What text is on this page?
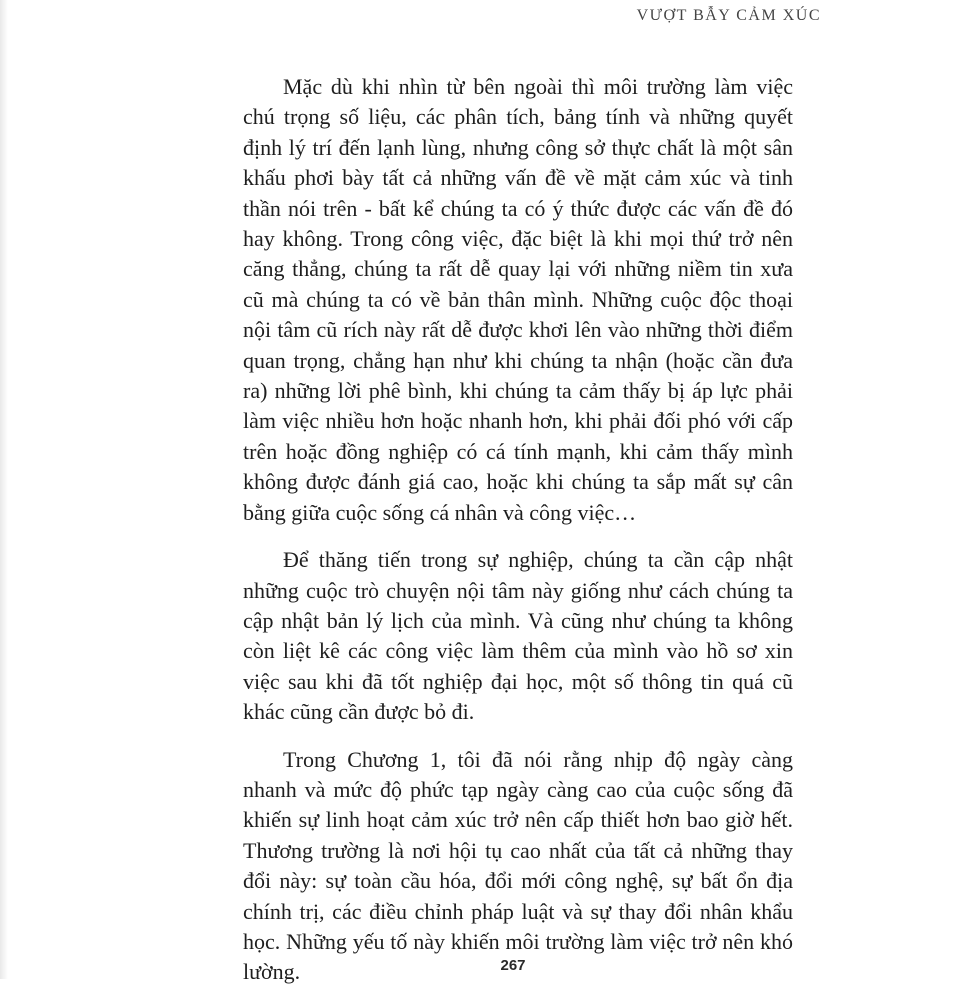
VƯỢT BẪY CẢM XÚC

Mặc dù khi nhìn từ bên ngoài thì môi trường làm việc chú trọng số liệu, các phân tích, bảng tính và những quyết định lý trí đến lạnh lùng, nhưng công sở thực chất là một sân khấu phơi bày tất cả những vấn đề về mặt cảm xúc và tinh thần nói trên - bất kể chúng ta có ý thức được các vấn đề đó hay không. Trong công việc, đặc biệt là khi mọi thứ trở nên căng thẳng, chúng ta rất dễ quay lại với những niềm tin xưa cũ mà chúng ta có về bản thân mình. Những cuộc độc thoại nội tâm cũ rích này rất dễ được khơi lên vào những thời điểm quan trọng, chẳng hạn như khi chúng ta nhận (hoặc cần đưa ra) những lời phê bình, khi chúng ta cảm thấy bị áp lực phải làm việc nhiều hơn hoặc nhanh hơn, khi phải đối phó với cấp trên hoặc đồng nghiệp có cá tính mạnh, khi cảm thấy mình không được đánh giá cao, hoặc khi chúng ta sắp mất sự cân bằng giữa cuộc sống cá nhân và công việc…

Để thăng tiến trong sự nghiệp, chúng ta cần cập nhật những cuộc trò chuyện nội tâm này giống như cách chúng ta cập nhật bản lý lịch của mình. Và cũng như chúng ta không còn liệt kê các công việc làm thêm của mình vào hồ sơ xin việc sau khi đã tốt nghiệp đại học, một số thông tin quá cũ khác cũng cần được bỏ đi.

Trong Chương 1, tôi đã nói rằng nhịp độ ngày càng nhanh và mức độ phức tạp ngày càng cao của cuộc sống đã khiến sự linh hoạt cảm xúc trở nên cấp thiết hơn bao giờ hết. Thương trường là nơi hội tụ cao nhất của tất cả những thay đổi này: sự toàn cầu hóa, đổi mới công nghệ, sự bất ổn địa chính trị, các điều chỉnh pháp luật và sự thay đổi nhân khẩu học. Những yếu tố này khiến môi trường làm việc trở nên khó lường.	267
